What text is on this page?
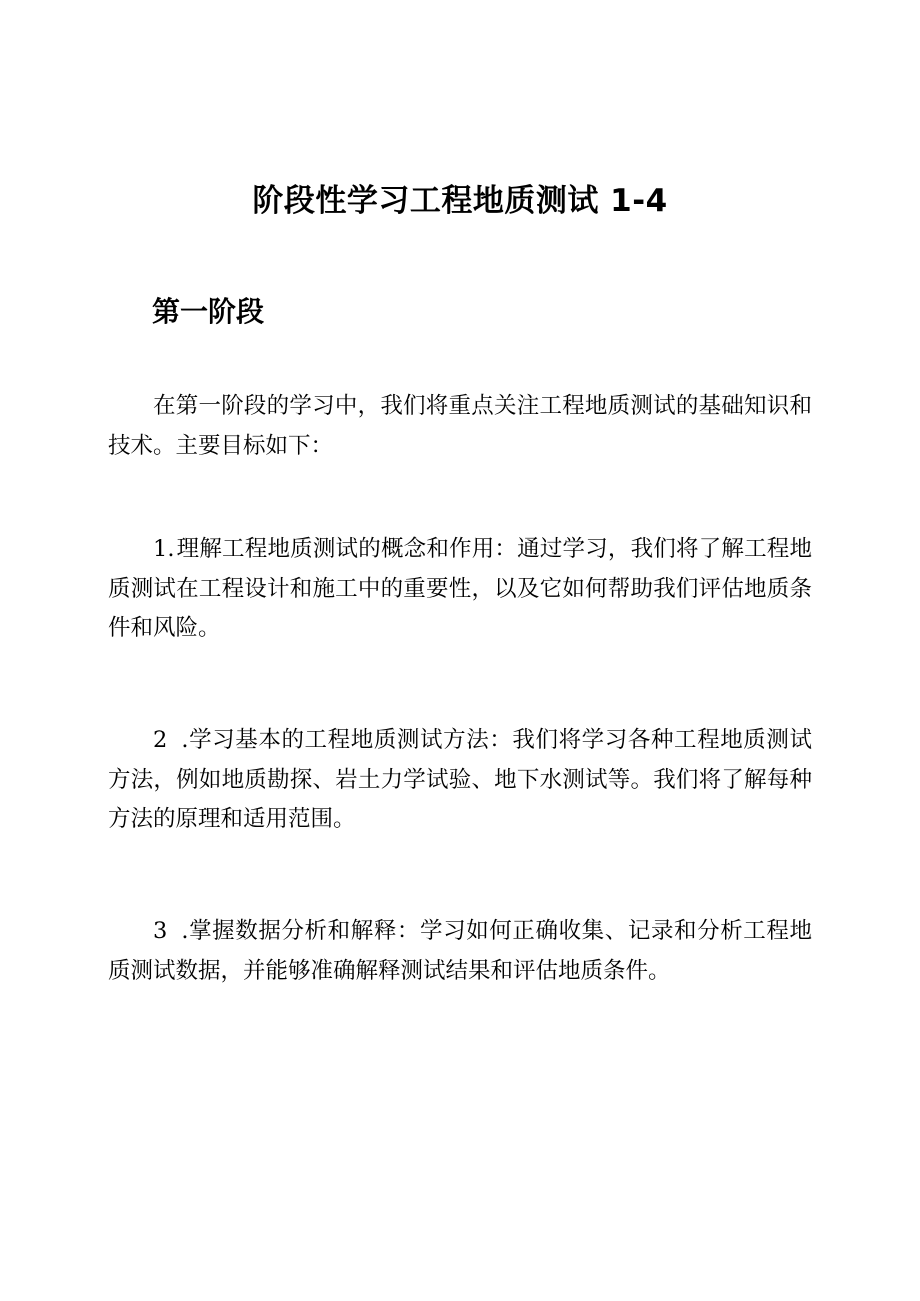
阶段性学习工程地质测试 1-4
第一阶段

在第一阶段的学习中，我们将重点关注工程地质测试的基础知识和技术。主要目标如下：

1.理解工程地质测试的概念和作用：通过学习，我们将了解工程地质测试在工程设计和施工中的重要性，以及它如何帮助我们评估地质条件和风险。

2 .学习基本的工程地质测试方法：我们将学习各种工程地质测试方法，例如地质勘探、岩土力学试验、地下水测试等。我们将了解每种方法的原理和适用范围。

3 .掌握数据分析和解释：学习如何正确收集、记录和分析工程地质测试数据，并能够准确解释测试结果和评估地质条件。
